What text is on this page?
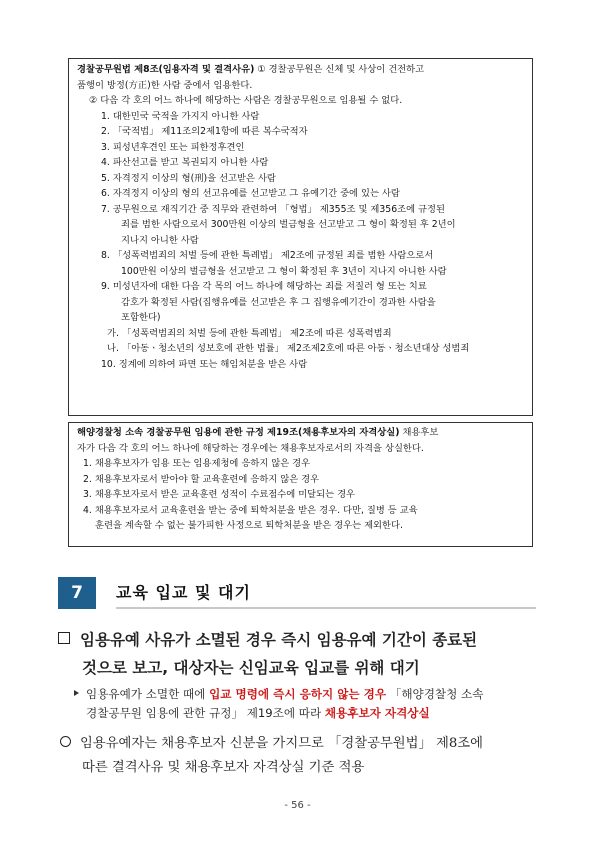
경찰공무원법 제8조(임용자격 및 결격사유) ① 경찰공무원은 신체 및 사상이 건전하고
품행이 방정(方正)한 사람 중에서 임용한다.
② 다음 각 호의 어느 하나에 해당하는 사람은 경찰공무원으로 임용될 수 없다.
1. 대한민국 국적을 가지지 아니한 사람
2. 「국적법」 제11조의2제1항에 따른 복수국적자
3. 피성년후견인 또는 피한정후견인
4. 파산선고를 받고 복권되지 아니한 사람
5. 자격정지 이상의 형(刑)을 선고받은 사람
6. 자격정지 이상의 형의 선고유예를 선고받고 그 유예기간 중에 있는 사람
7. 공무원으로 재직기간 중 직무와 관련하여 「형법」 제355조 및 제356조에 규정된
죄를 범한 사람으로서 300만원 이상의 벌금형을 선고받고 그 형이 확정된 후 2년이
지나지 아니한 사람
8. 「성폭력범죄의 처벌 등에 관한 특례법」 제2조에 규정된 죄를 범한 사람으로서
100만원 이상의 벌금형을 선고받고 그 형이 확정된 후 3년이 지나지 아니한 사람
9. 미성년자에 대한 다음 각 목의 어느 하나에 해당하는 죄를 저질러 형 또는 치료
감호가 확정된 사람(집행유예를 선고받은 후 그 집행유예기간이 경과한 사람을
포함한다)
가. 「성폭력범죄의 처벌 등에 관한 특례법」 제2조에 따른 성폭력범죄
나. 「아동ㆍ청소년의 성보호에 관한 법률」 제2조제2호에 따른 아동ㆍ청소년대상 성범죄
10. 징계에 의하여 파면 또는 해임처분을 받은 사람
해양경찰청 소속 경찰공무원 임용에 관한 규정 제19조(채용후보자의 자격상실) 채용후보
자가 다음 각 호의 어느 하나에 해당하는 경우에는 채용후보자로서의 자격을 상실한다.
1. 채용후보자가 임용 또는 임용제청에 응하지 않은 경우
2. 채용후보자로서 받아야 할 교육훈련에 응하지 않은 경우
3. 채용후보자로서 받은 교육훈련 성적이 수료점수에 미달되는 경우
4. 채용후보자로서 교육훈련을 받는 중에 퇴학처분을 받은 경우. 다만, 질병 등 교육
훈련을 계속할 수 없는 불가피한 사정으로 퇴학처분을 받은 경우는 제외한다.
7	교육 입교 및 대기
임용유예 사유가 소멸된 경우 즉시 임용유예 기간이 종료된
것으로 보고, 대상자는 신임교육 입교를 위해 대기
임용유예가 소멸한 때에 입교 명령에 즉시 응하지 않는 경우 「해양경찰청 소속
경찰공무원 임용에 관한 규정」 제19조에 따라 채용후보자 자격상실
임용유예자는 채용후보자 신분을 가지므로 「경찰공무원법」 제8조에
따른 결격사유 및 채용후보자 자격상실 기준 적용
- 56 -
